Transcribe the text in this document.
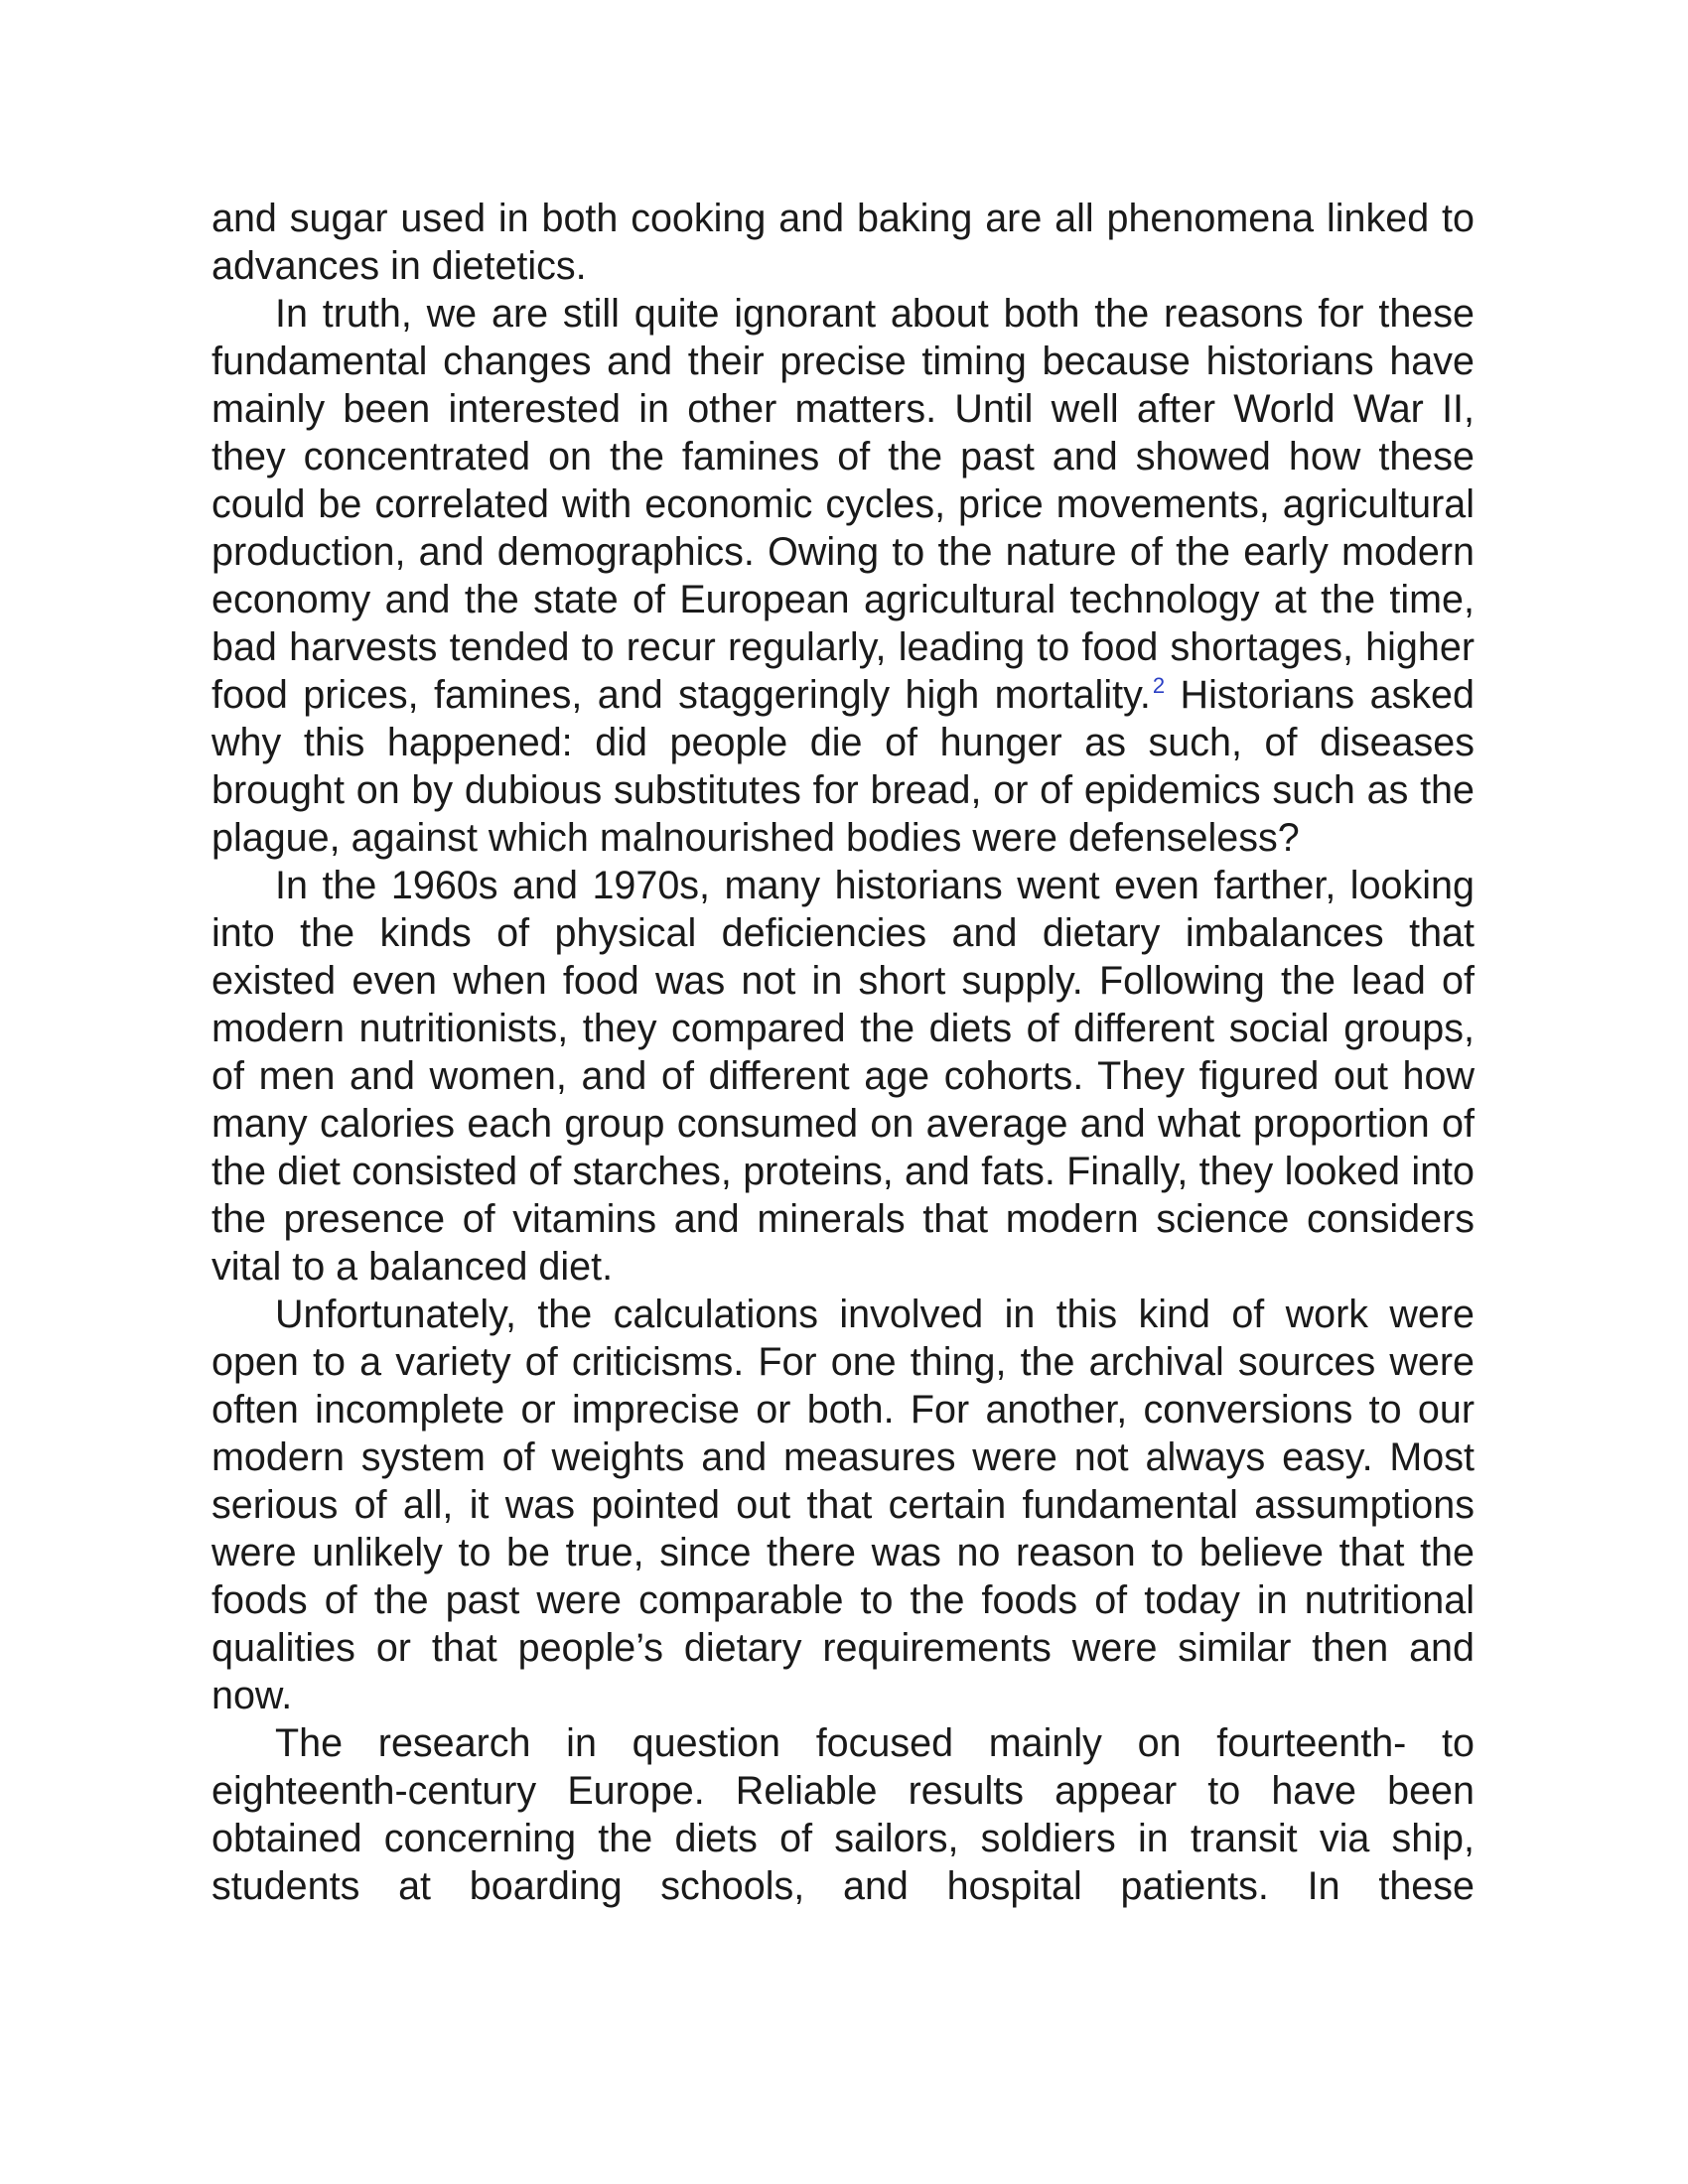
and sugar used in both cooking and baking are all phenomena linked to advances in dietetics.

In truth, we are still quite ignorant about both the reasons for these fundamental changes and their precise timing because historians have mainly been interested in other matters. Until well after World War II, they concentrated on the famines of the past and showed how these could be correlated with economic cycles, price movements, agricultural production, and demographics. Owing to the nature of the early modern economy and the state of European agricultural technology at the time, bad harvests tended to recur regularly, leading to food shortages, higher food prices, famines, and staggeringly high mortality.$^2$ Historians asked why this happened: did people die of hunger as such, of diseases brought on by dubious substitutes for bread, or of epidemics such as the plague, against which malnourished bodies were defenseless?

In the 1960s and 1970s, many historians went even farther, looking into the kinds of physical deficiencies and dietary imbalances that existed even when food was not in short supply. Following the lead of modern nutritionists, they compared the diets of different social groups, of men and women, and of different age cohorts. They figured out how many calories each group consumed on average and what proportion of the diet consisted of starches, proteins, and fats. Finally, they looked into the presence of vitamins and minerals that modern science considers vital to a balanced diet.

Unfortunately, the calculations involved in this kind of work were open to a variety of criticisms. For one thing, the archival sources were often incomplete or imprecise or both. For another, conversions to our modern system of weights and measures were not always easy. Most serious of all, it was pointed out that certain fundamental assumptions were unlikely to be true, since there was no reason to believe that the foods of the past were comparable to the foods of today in nutritional qualities or that people’s dietary requirements were similar then and now.

The research in question focused mainly on fourteenth- to eighteenth-century Europe. Reliable results appear to have been obtained concerning the diets of sailors, soldiers in transit via ship, students at boarding schools, and hospital patients. In these
